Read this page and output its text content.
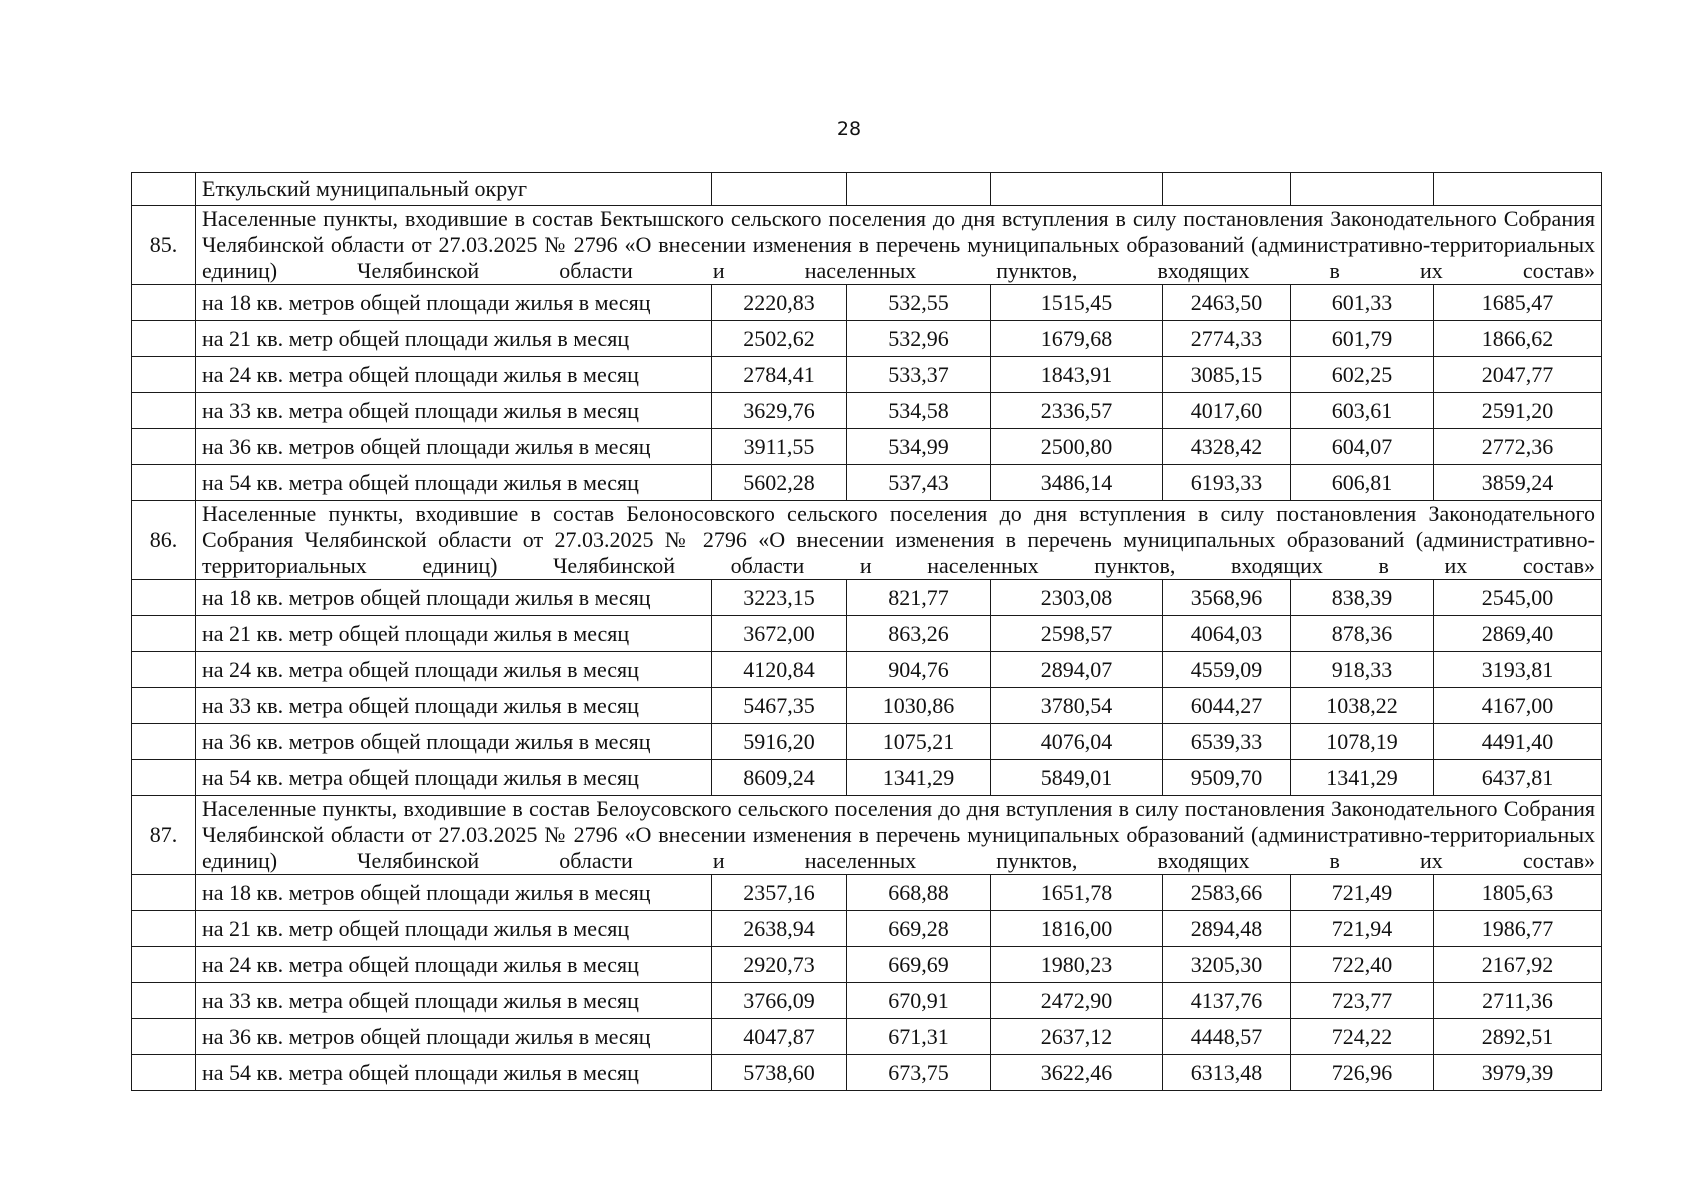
28
	Еткульский муниципальный округ						
85.	Населенные пункты, входившие в состав Бектышского сельского поселения до дня вступления в силу постановления Законодательного Собрания Челябинской области от 27.03.2025 № 2796 «О внесении изменения в перечень муниципальных образований (административно-территориальных единиц) Челябинской области и населенных пунктов, входящих в их состав»						
	на 18 кв. метров общей площади жилья в месяц	2220,83	532,55	1515,45	2463,50	601,33	1685,47
	на 21 кв. метр общей площади жилья в месяц	2502,62	532,96	1679,68	2774,33	601,79	1866,62
	на 24 кв. метра общей площади жилья в месяц	2784,41	533,37	1843,91	3085,15	602,25	2047,77
	на 33 кв. метра общей площади жилья в месяц	3629,76	534,58	2336,57	4017,60	603,61	2591,20
	на 36 кв. метров общей площади жилья в месяц	3911,55	534,99	2500,80	4328,42	604,07	2772,36
	на 54 кв. метра общей площади жилья в месяц	5602,28	537,43	3486,14	6193,33	606,81	3859,24
86.	Населенные пункты, входившие в состав Белоносовского сельского поселения до дня вступления в силу постановления Законодательного Собрания Челябинской области от 27.03.2025 № 2796 «О внесении изменения в перечень муниципальных образований (административно-территориальных единиц) Челябинской области и населенных пунктов, входящих в их состав»						
	на 18 кв. метров общей площади жилья в месяц	3223,15	821,77	2303,08	3568,96	838,39	2545,00
	на 21 кв. метр общей площади жилья в месяц	3672,00	863,26	2598,57	4064,03	878,36	2869,40
	на 24 кв. метра общей площади жилья в месяц	4120,84	904,76	2894,07	4559,09	918,33	3193,81
	на 33 кв. метра общей площади жилья в месяц	5467,35	1030,86	3780,54	6044,27	1038,22	4167,00
	на 36 кв. метров общей площади жилья в месяц	5916,20	1075,21	4076,04	6539,33	1078,19	4491,40
	на 54 кв. метра общей площади жилья в месяц	8609,24	1341,29	5849,01	9509,70	1341,29	6437,81
87.	Населенные пункты, входившие в состав Белоусовского сельского поселения до дня вступления в силу постановления Законодательного Собрания Челябинской области от 27.03.2025 № 2796 «О внесении изменения в перечень муниципальных образований (административно-территориальных единиц) Челябинской области и населенных пунктов, входящих в их состав»						
	на 18 кв. метров общей площади жилья в месяц	2357,16	668,88	1651,78	2583,66	721,49	1805,63
	на 21 кв. метр общей площади жилья в месяц	2638,94	669,28	1816,00	2894,48	721,94	1986,77
	на 24 кв. метра общей площади жилья в месяц	2920,73	669,69	1980,23	3205,30	722,40	2167,92
	на 33 кв. метра общей площади жилья в месяц	3766,09	670,91	2472,90	4137,76	723,77	2711,36
	на 36 кв. метров общей площади жилья в месяц	4047,87	671,31	2637,12	4448,57	724,22	2892,51
	на 54 кв. метра общей площади жилья в месяц	5738,60	673,75	3622,46	6313,48	726,96	3979,39
